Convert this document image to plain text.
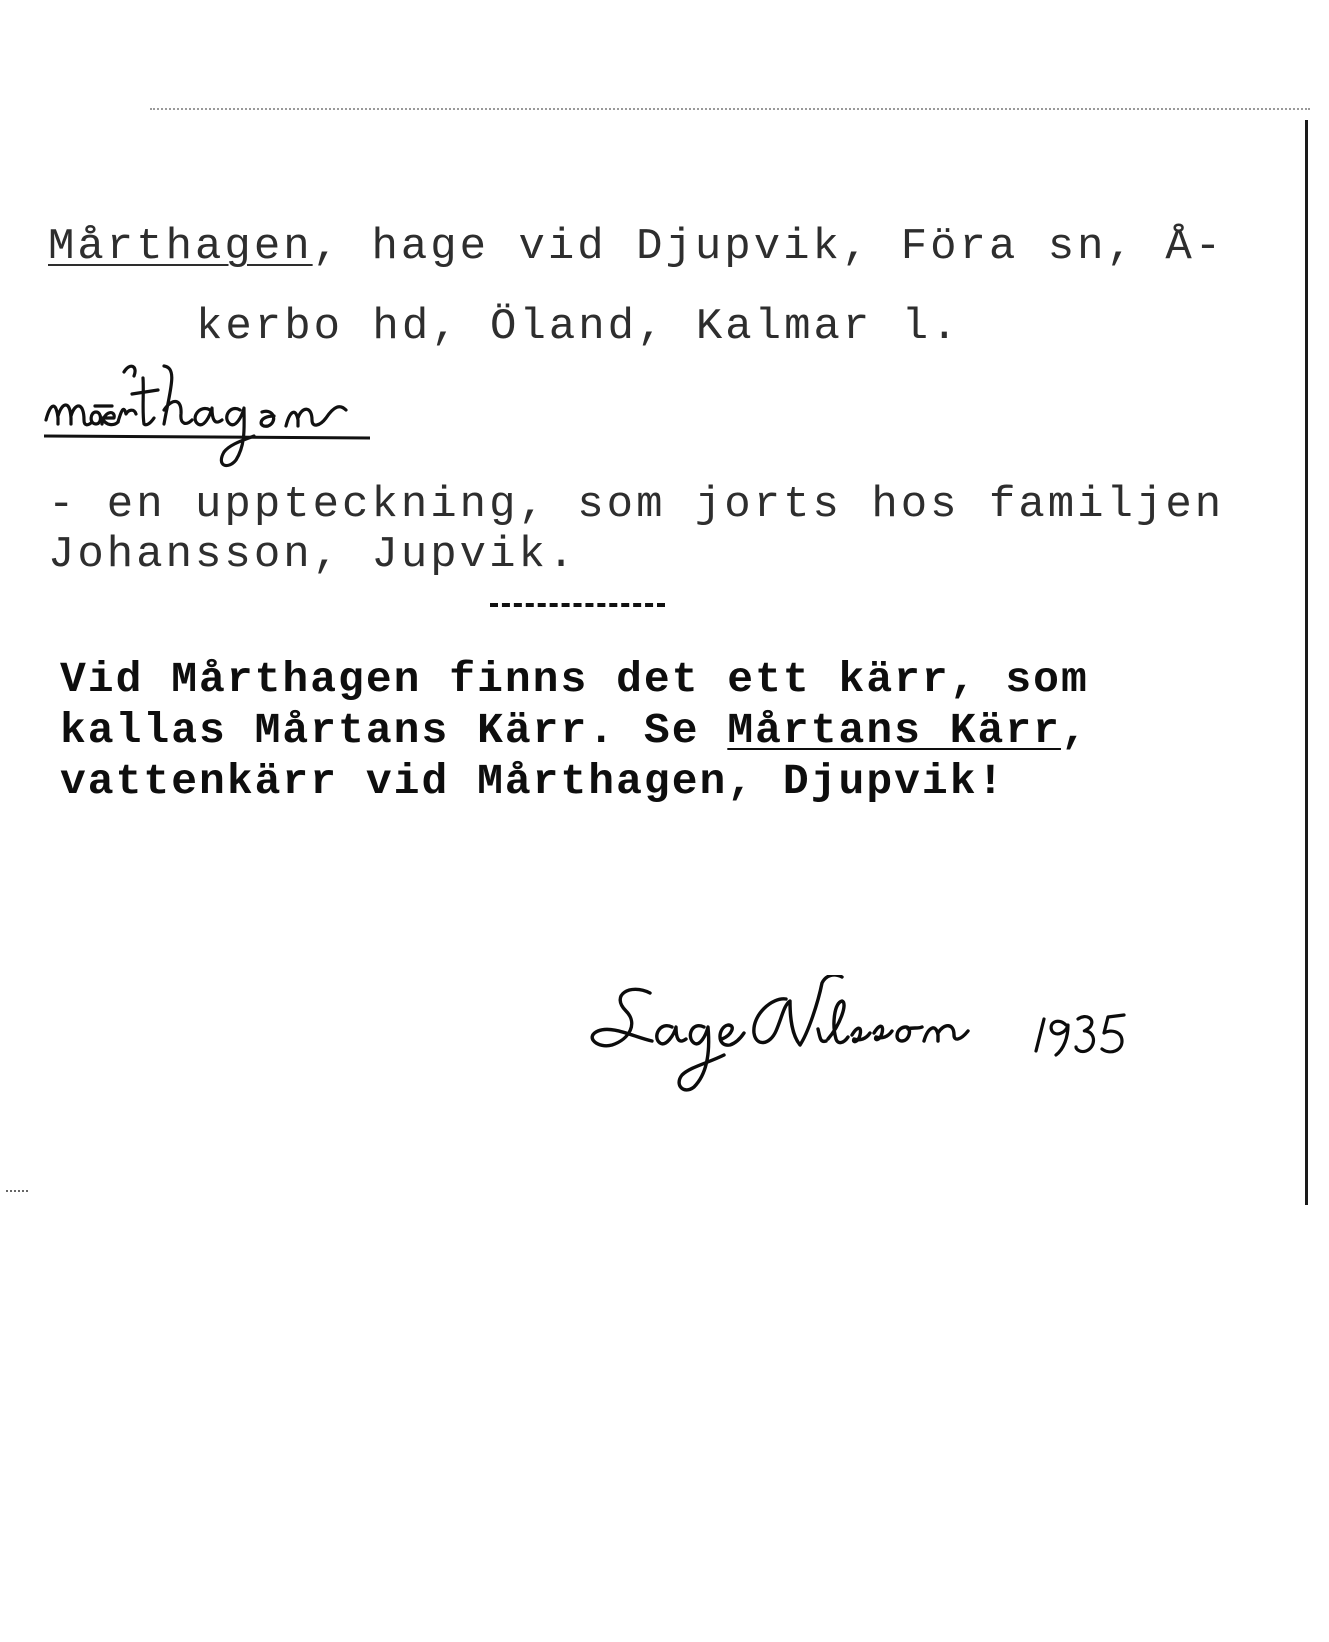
Mårthagen, hage vid Djupvik, Föra sn, Å-

kerbo hd, Öland, Kalmar l.

mœ̄rthagən

- en uppteckning, som jorts hos familjen

Johansson, Jupvik.

Vid Mårthagen finns det ett kärr, som

kallas Mårtans Kärr. Se Mårtans Kärr,

vattenkärr vid Mårthagen, Djupvik!

Lage Nilsson
1935
